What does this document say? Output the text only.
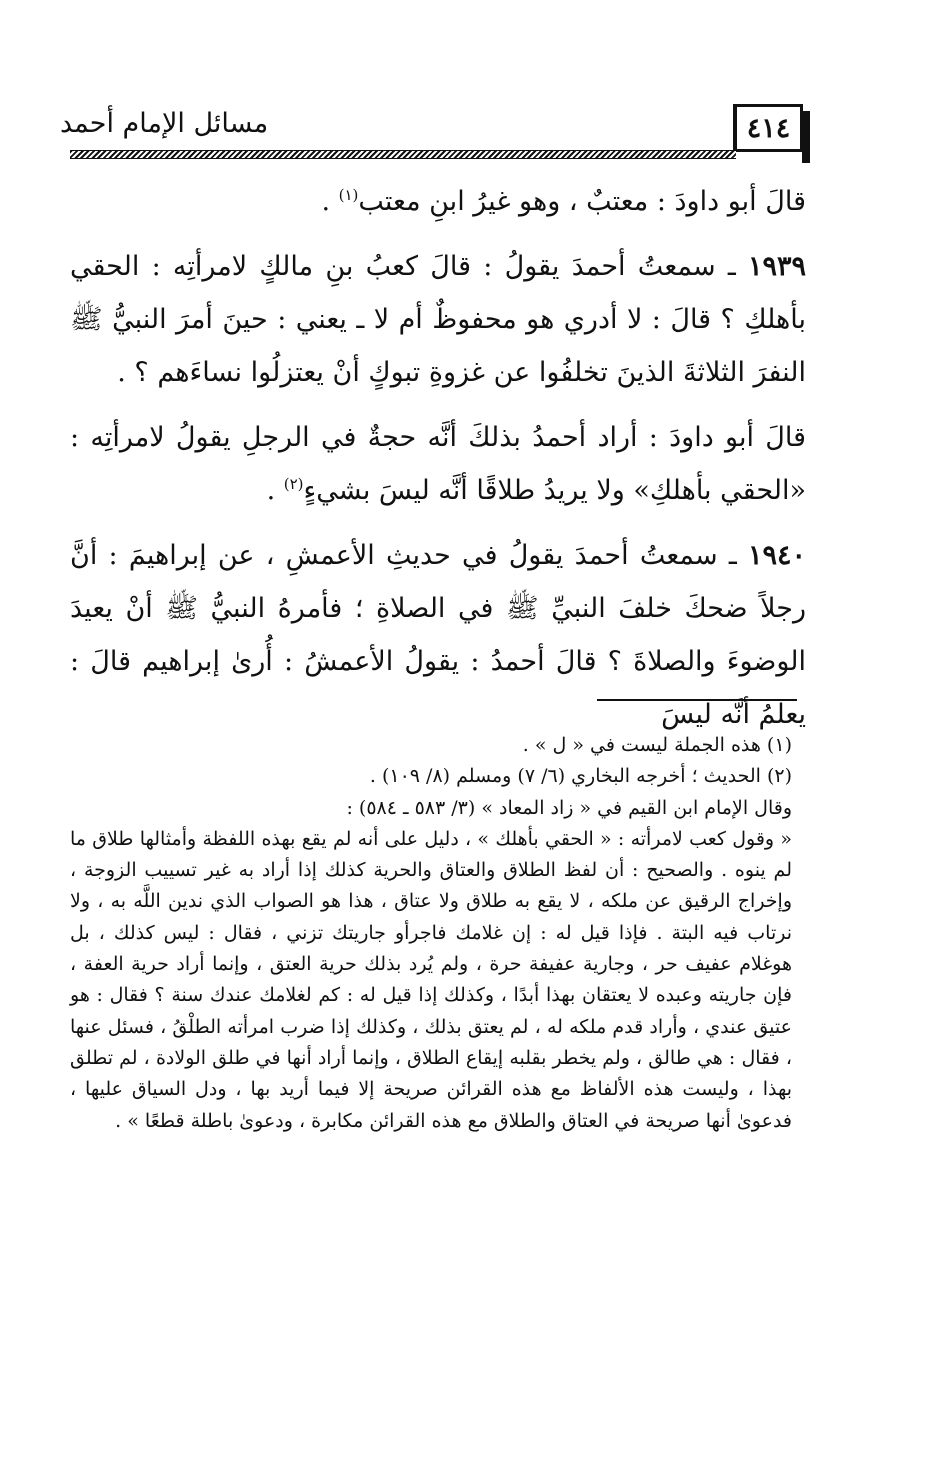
مسائل الإمام أحمد	٤١٤

قالَ أبو داودَ : معتبٌ ، وهو غيرُ ابنِ معتب$^{(١)}$ .

١٩٣٩ ـ سمعتُ أحمدَ يقولُ : قالَ كعبُ بنِ مالكٍ لامرأتِه : الحقي بأهلكِ ؟ قالَ : لا أدري هو محفوظٌ أم لا ـ يعني : حينَ أمرَ النبيُّ ﷺ النفرَ الثلاثةَ الذينَ تخلفُوا عن غزوةِ تبوكٍ أنْ يعتزلُوا نساءَهم ؟ .

قالَ أبو داودَ : أراد أحمدُ بذلكَ أنَّه حجةٌ في الرجلِ يقولُ لامرأتِه : «الحقي بأهلكِ» ولا يريدُ طلاقًا أنَّه ليسَ بشيءٍ$^{(٢)}$ .

١٩٤٠ ـ سمعتُ أحمدَ يقولُ في حديثِ الأعمشِ ، عن إبراهيمَ : أنَّ رجلاً ضحكَ خلفَ النبيِّ ﷺ في الصلاةِ ؛ فأمرهُ النبيُّ ﷺ أنْ يعيدَ الوضوءَ والصلاةَ ؟ قالَ أحمدُ : يقولُ الأعمشُ : أُرىٰ إبراهيم قالَ : يعلمُ أنَّه ليسَ

(١) هذه الجملة ليست في « ل » .

(٢) الحديث ؛ أخرجه البخاري (٦/ ٧) ومسلم (٨/ ١٠٩) .

وقال الإمام ابن القيم في « زاد المعاد » (٣/ ٥٨٣ ـ ٥٨٤) :

« وقول كعب لامرأته : « الحقي بأهلك » ، دليل على أنه لم يقع بهذه اللفظة وأمثالها طلاق ما لم ينوه . والصحيح : أن لفظ الطلاق والعتاق والحرية كذلك إذا أراد به غير تسييب الزوجة ، وإخراج الرقيق عن ملكه ، لا يقع به طلاق ولا عتاق ، هذا هو الصواب الذي ندين اللَّه به ، ولا نرتاب فيه البتة . فإذا قيل له : إن غلامك فاجرأو جاريتك تزني ، فقال : ليس كذلك ، بل هوغلام عفيف حر ، وجارية عفيفة حرة ، ولم يُرد بذلك حرية العتق ، وإنما أراد حرية العفة ، فإن جاريته وعبده لا يعتقان بهذا أبدًا ، وكذلك إذا قيل له : كم لغلامك عندك سنة ؟ فقال : هو عتيق عندي ، وأراد قدم ملكه له ، لم يعتق بذلك ، وكذلك إذا ضرب امرأته الطلْقُ ، فسئل عنها ، فقال : هي طالق ، ولم يخطر بقلبه إيقاع الطلاق ، وإنما أراد أنها في طلق الولادة ، لم تطلق بهذا ، وليست هذه الألفاظ مع هذه القرائن صريحة إلا فيما أريد بها ، ودل السياق عليها ، فدعوىٰ أنها صريحة في العتاق والطلاق مع هذه القرائن مكابرة ، ودعوىٰ باطلة قطعًا » .
